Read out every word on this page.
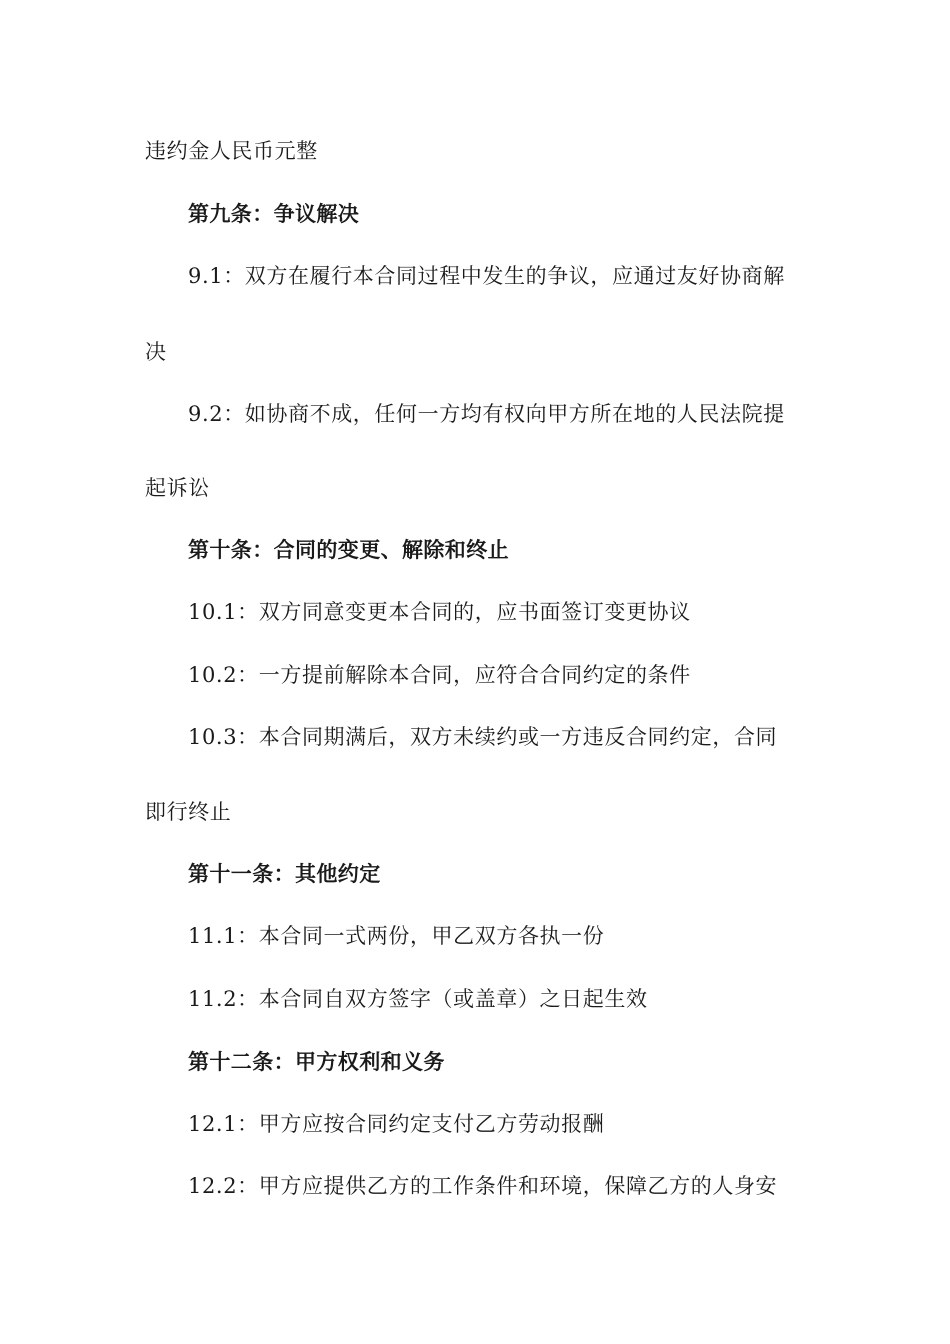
违约金人民币元整
第九条：争议解决
9.1：双方在履行本合同过程中发生的争议，应通过友好协商解
决
9.2：如协商不成，任何一方均有权向甲方所在地的人民法院提
起诉讼
第十条：合同的变更、解除和终止
10.1：双方同意变更本合同的，应书面签订变更协议
10.2：一方提前解除本合同，应符合合同约定的条件
10.3：本合同期满后，双方未续约或一方违反合同约定，合同
即行终止
第十一条：其他约定
11.1：本合同一式两份，甲乙双方各执一份
11.2：本合同自双方签字（或盖章）之日起生效
第十二条：甲方权利和义务
12.1：甲方应按合同约定支付乙方劳动报酬
12.2：甲方应提供乙方的工作条件和环境，保障乙方的人身安
